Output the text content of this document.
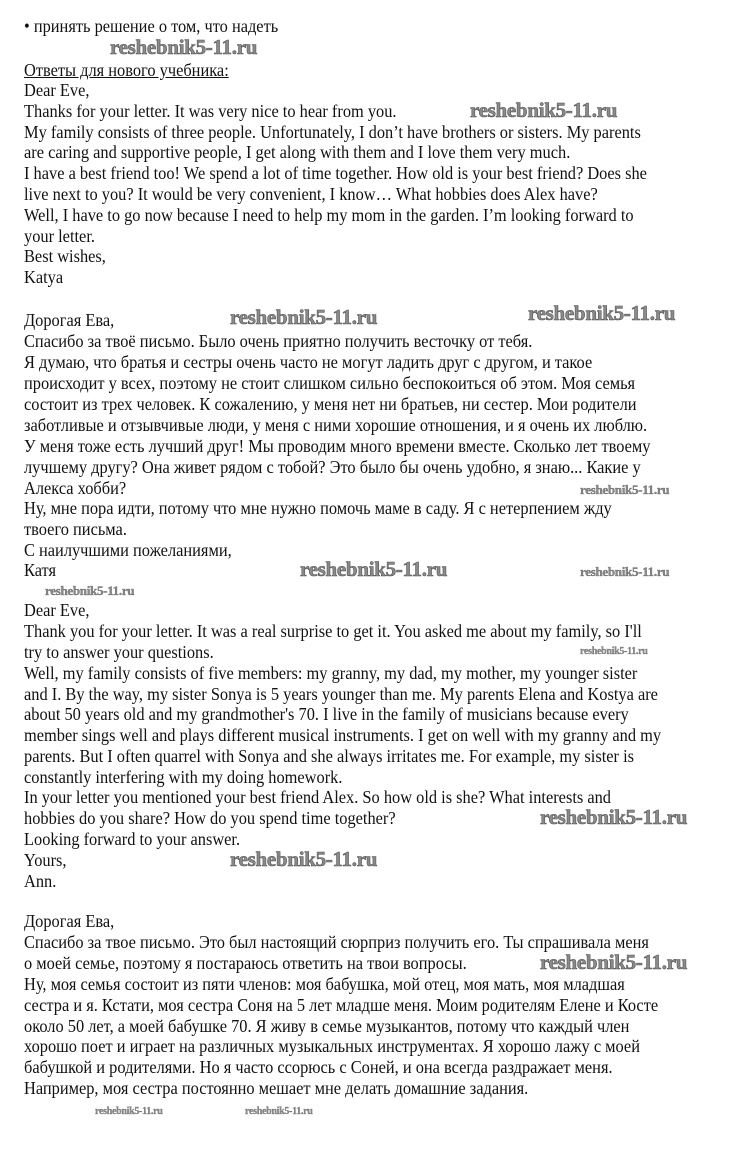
• принять решение о том, что надеть
Ответы для нового учебника:
Dear Eve,
Thanks for your letter. It was very nice to hear from you.
My family consists of three people. Unfortunately, I don’t have brothers or sisters. My parents
are caring and supportive people, I get along with them and I love them very much.
I have a best friend too! We spend a lot of time together. How old is your best friend? Does she
live next to you? It would be very convenient, I know… What hobbies does Alex have?
Well, I have to go now because I need to help my mom in the garden. I’m looking forward to
your letter.
Best wishes,
Katya
Дорогая Ева,
Спасибо за твоё письмо. Было очень приятно получить весточку от тебя.
Я думаю, что братья и сестры очень часто не могут ладить друг с другом, и такое
происходит у всех, поэтому не стоит слишком сильно беспокоиться об этом. Моя семья
состоит из трех человек. К сожалению, у меня нет ни братьев, ни сестер. Мои родители
заботливые и отзывчивые люди, у меня с ними хорошие отношения, и я очень их люблю.
У меня тоже есть лучший друг! Мы проводим много времени вместе. Сколько лет твоему
лучшему другу? Она живет рядом с тобой? Это было бы очень удобно, я знаю... Какие у
Алекса хобби?
Ну, мне пора идти, потому что мне нужно помочь маме в саду. Я с нетерпением жду
твоего письма.
С наилучшими пожеланиями,
Катя
Dear Eve,
Thank you for your letter. It was a real surprise to get it. You asked me about my family, so I'll
try to answer your questions.
Well, my family consists of five members: my granny, my dad, my mother, my younger sister
and I. By the way, my sister Sonya is 5 years younger than me. My parents Elena and Kostya are
about 50 years old and my grandmother's 70. I live in the family of musicians because every
member sings well and plays different musical instruments. I get on well with my granny and my
parents. But I often quarrel with Sonya and she always irritates me. For example, my sister is
constantly interfering with my doing homework.
In your letter you mentioned your best friend Alex. So how old is she? What interests and
hobbies do you share? How do you spend time together?
Looking forward to your answer.
Yours,
Ann.
Дорогая Ева,
Спасибо за твое письмо. Это был настоящий сюрприз получить его. Ты спрашивала меня
о моей семье, поэтому я постараюсь ответить на твои вопросы.
Ну, моя семья состоит из пяти членов: моя бабушка, мой отец, моя мать, моя младшая
сестра и я. Кстати, моя сестра Соня на 5 лет младше меня. Моим родителям Елене и Косте
около 50 лет, а моей бабушке 70. Я живу в семье музыкантов, потому что каждый член
хорошо поет и играет на различных музыкальных инструментах. Я хорошо лажу с моей
бабушкой и родителями. Но я часто ссорюсь с Соней, и она всегда раздражает меня.
Например, моя сестра постоянно мешает мне делать домашние задания.
reshebnik5-11.ru
reshebnik5-11.ru
reshebnik5-11.ru	reshebnik5-11.ru
reshebnik5-11.ru
reshebnik5-11.ru
reshebnik5-11.ru
reshebnik5-11.ru
reshebnik5-11.ru
reshebnik5-11.ru
reshebnik5-11.ru
reshebnik5-11.ru
reshebnik5-11.ru	reshebnik5-11.ru
